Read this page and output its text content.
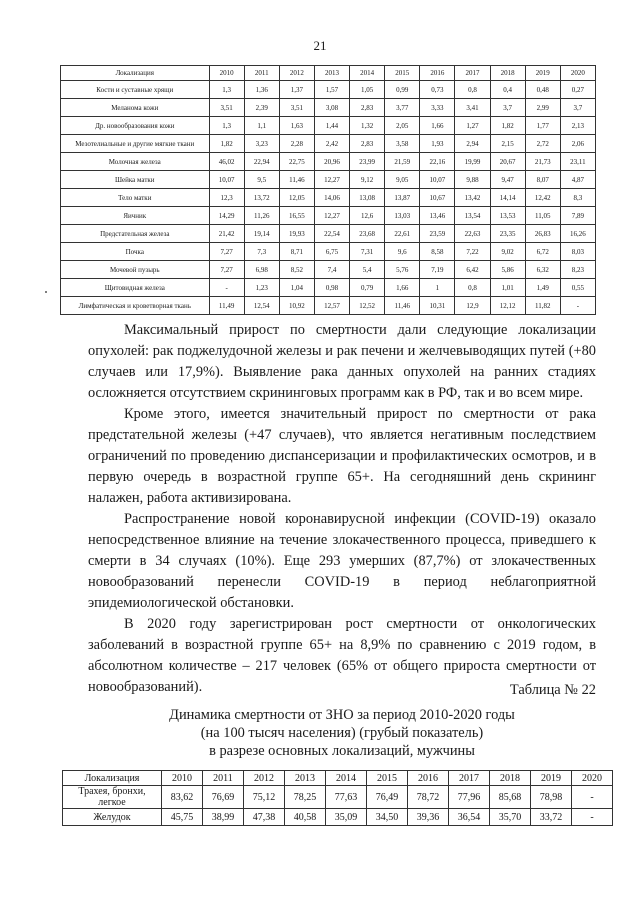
21
Локализация	2010	2011	2012	2013	2014	2015	2016	2017	2018	2019	2020
Кости и суставные хрящи	1,3	1,36	1,37	1,57	1,05	0,99	0,73	0,8	0,4	0,48	0,27
Меланома кожи	3,51	2,39	3,51	3,08	2,83	3,77	3,33	3,41	3,7	2,99	3,7
Др. новообразования кожи	1,3	1,1	1,63	1,44	1,32	2,05	1,66	1,27	1,82	1,77	2,13
Мезотелиальные и другие мягкие ткани	1,82	3,23	2,28	2,42	2,83	3,58	1,93	2,94	2,15	2,72	2,06
Молочная железа	46,02	22,94	22,75	20,96	23,99	21,59	22,16	19,99	20,67	21,73	23,11
Шейка матки	10,07	9,5	11,46	12,27	9,12	9,05	10,07	9,88	9,47	8,07	4,87
Тело матки	12,3	13,72	12,05	14,06	13,08	13,87	10,67	13,42	14,14	12,42	8,3
Яичник	14,29	11,26	16,55	12,27	12,6	13,03	13,46	13,54	13,53	11,05	7,89
Предстательная железа	21,42	19,14	19,93	22,54	23,68	22,61	23,59	22,63	23,35	26,83	16,26
Почка	7,27	7,3	8,71	6,75	7,31	9,6	8,58	7,22	9,02	6,72	8,03
Мочевой пузырь	7,27	6,98	8,52	7,4	5,4	5,76	7,19	6,42	5,86	6,32	8,23
Щитовидная железа	-	1,23	1,04	0,98	0,79	1,66	1	0,8	1,01	1,49	0,55
Лимфатическая и кроветворная ткань	11,49	12,54	10,92	12,57	12,52	11,46	10,31	12,9	12,12	11,82	-

Максимальный прирост по смертности дали следующие локализации опухолей: рак поджелудочной железы и рак печени и желчевыводящих путей (+80 случаев или 17,9%). Выявление рака данных опухолей на ранних стадиях осложняется отсутствием скрининговых программ как в РФ, так и во всем мире.

Кроме этого, имеется значительный прирост по смертности от рака предстательной железы (+47 случаев), что является негативным последствием ограничений по проведению диспансеризации и профилактических осмотров, и в первую очередь в возрастной группе 65+. На сегодняшний день скрининг налажен, работа активизирована.

Распространение новой коронавирусной инфекции (COVID-19) оказало непосредственное влияние на течение злокачественного процесса, приведшего к смерти в 34 случаях (10%). Еще 293 умерших (87,7%) от злокачественных новообразований перенесли COVID-19 в период неблагоприятной эпидемиологической обстановки.

В 2020 году зарегистрирован рост смертности от онкологических заболеваний в возрастной группе 65+ на 8,9% по сравнению с 2019 годом, в абсолютном количестве – 217 человек (65% от общего прироста смертности от новообразований).	Таблица № 22
Динамика смертности от ЗНО за период 2010-2020 годы
(на 100 тысяч населения) (грубый показатель)
в разрезе основных локализаций, мужчины
Локализация	2010	2011	2012	2013	2014	2015	2016	2017	2018	2019	2020
Трахея, бронхи, легкое	83,62	76,69	75,12	78,25	77,63	76,49	78,72	77,96	85,68	78,98	-
Желудок	45,75	38,99	47,38	40,58	35,09	34,50	39,36	36,54	35,70	33,72	-
